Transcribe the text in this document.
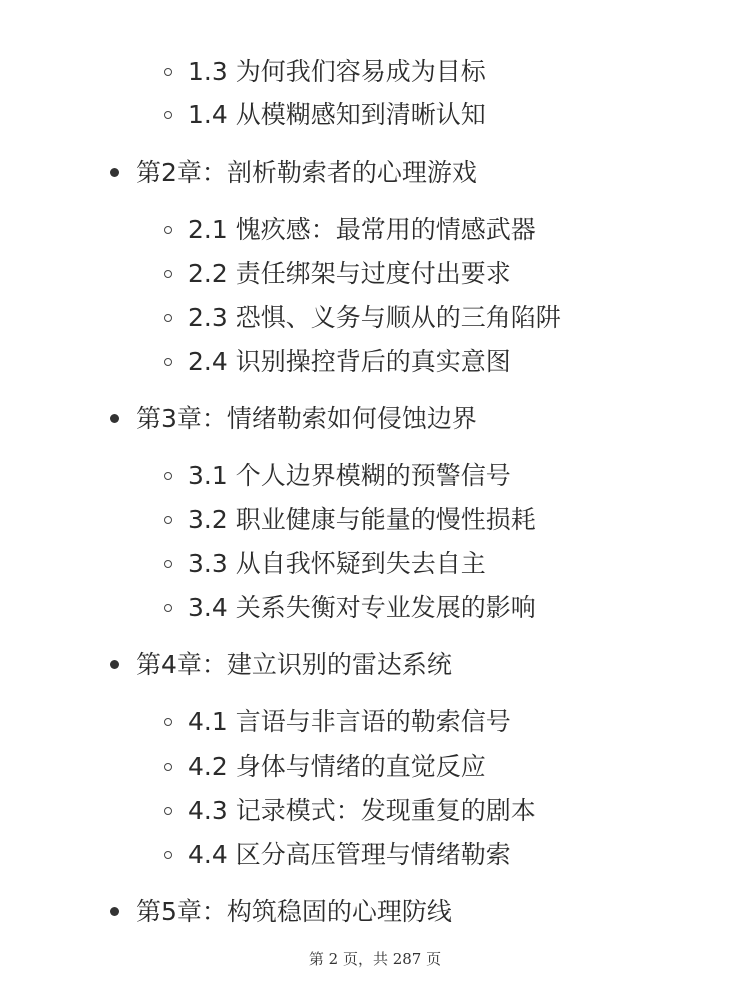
1.3 为何我们容易成为目标
1.4 从模糊感知到清晰认知
第2章：剖析勒索者的心理游戏
2.1 愧疚感：最常用的情感武器
2.2 责任绑架与过度付出要求
2.3 恐惧、义务与顺从的三角陷阱
2.4 识别操控背后的真实意图
第3章：情绪勒索如何侵蚀边界
3.1 个人边界模糊的预警信号
3.2 职业健康与能量的慢性损耗
3.3 从自我怀疑到失去自主
3.4 关系失衡对专业发展的影响
第4章：建立识别的雷达系统
4.1 言语与非言语的勒索信号
4.2 身体与情绪的直觉反应
4.3 记录模式：发现重复的剧本
4.4 区分高压管理与情绪勒索
第5章：构筑稳固的心理防线
第 2 页，共 287 页
